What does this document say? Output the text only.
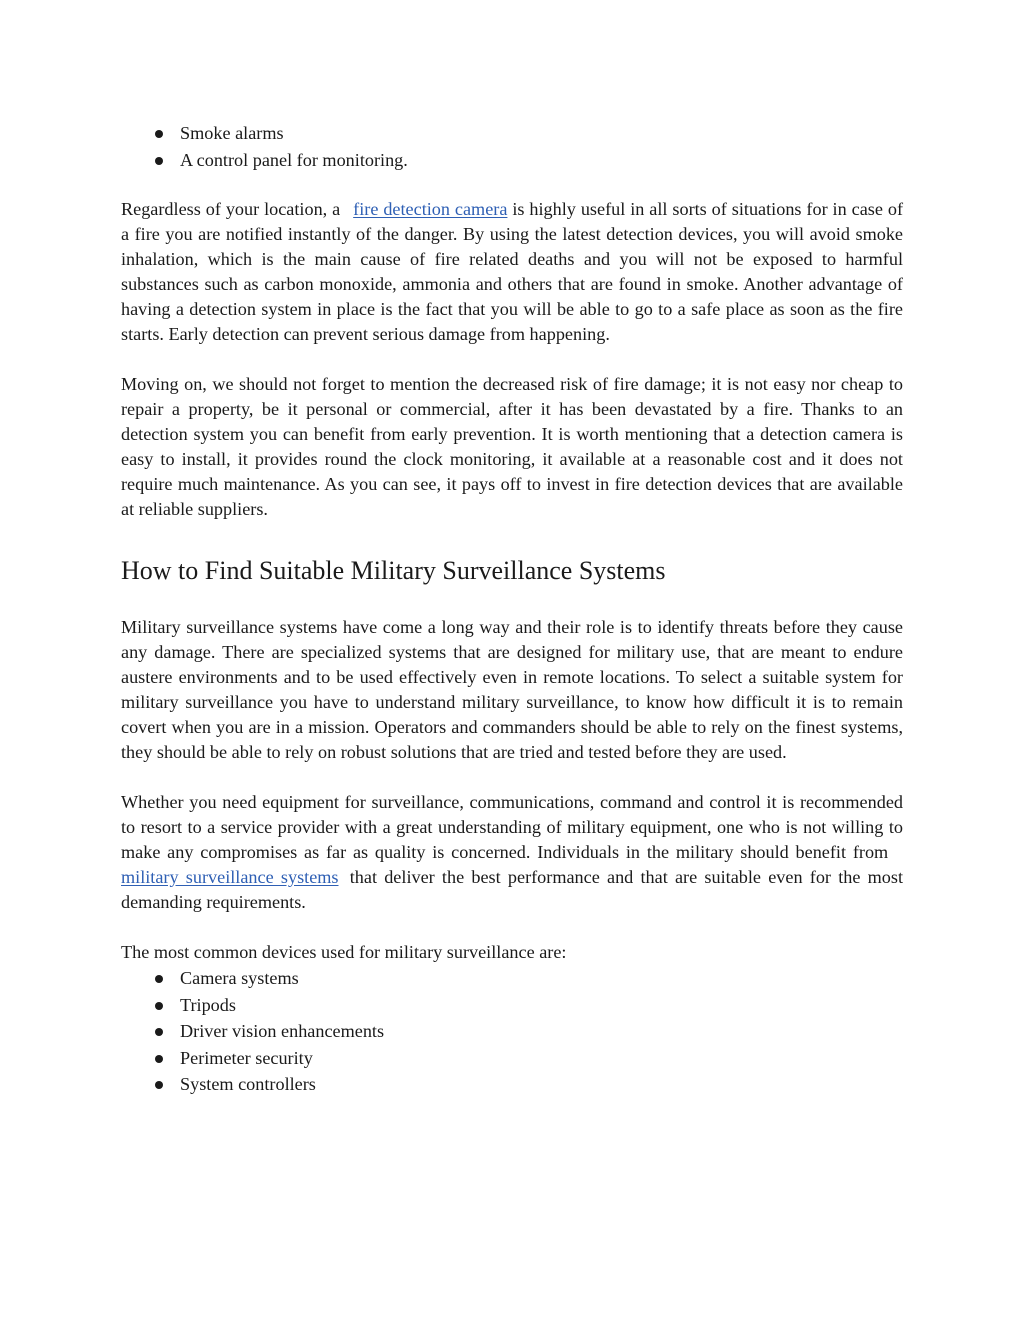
Smoke alarms
A control panel for monitoring.

Regardless of your location, a fire detection camera is highly useful in all sorts of situations for in case of a fire you are notified instantly of the danger. By using the latest detection devices, you will avoid smoke inhalation, which is the main cause of fire related deaths and you will not be exposed to harmful substances such as carbon monoxide, ammonia and others that are found in smoke. Another advantage of having a detection system in place is the fact that you will be able to go to a safe place as soon as the fire starts. Early detection can prevent serious damage from happening.

Moving on, we should not forget to mention the decreased risk of fire damage; it is not easy nor cheap to repair a property, be it personal or commercial, after it has been devastated by a fire. Thanks to an detection system you can benefit from early prevention. It is worth mentioning that a detection camera is easy to install, it provides round the clock monitoring, it available at a reasonable cost and it does not require much maintenance. As you can see, it pays off to invest in fire detection devices that are available at reliable suppliers.

How to Find Suitable Military Surveillance Systems

Military surveillance systems have come a long way and their role is to identify threats before they cause any damage. There are specialized systems that are designed for military use, that are meant to endure austere environments and to be used effectively even in remote locations. To select a suitable system for military surveillance you have to understand military surveillance, to know how difficult it is to remain covert when you are in a mission. Operators and commanders should be able to rely on the finest systems, they should be able to rely on robust solutions that are tried and tested before they are used.

Whether you need equipment for surveillance, communications, command and control it is recommended to resort to a service provider with a great understanding of military equipment, one who is not willing to make any compromises as far as quality is concerned. Individuals in the military should benefit from military surveillance systems that deliver the best performance and that are suitable even for the most demanding requirements.

The most common devices used for military surveillance are:

Camera systems
Tripods
Driver vision enhancements
Perimeter security
System controllers
